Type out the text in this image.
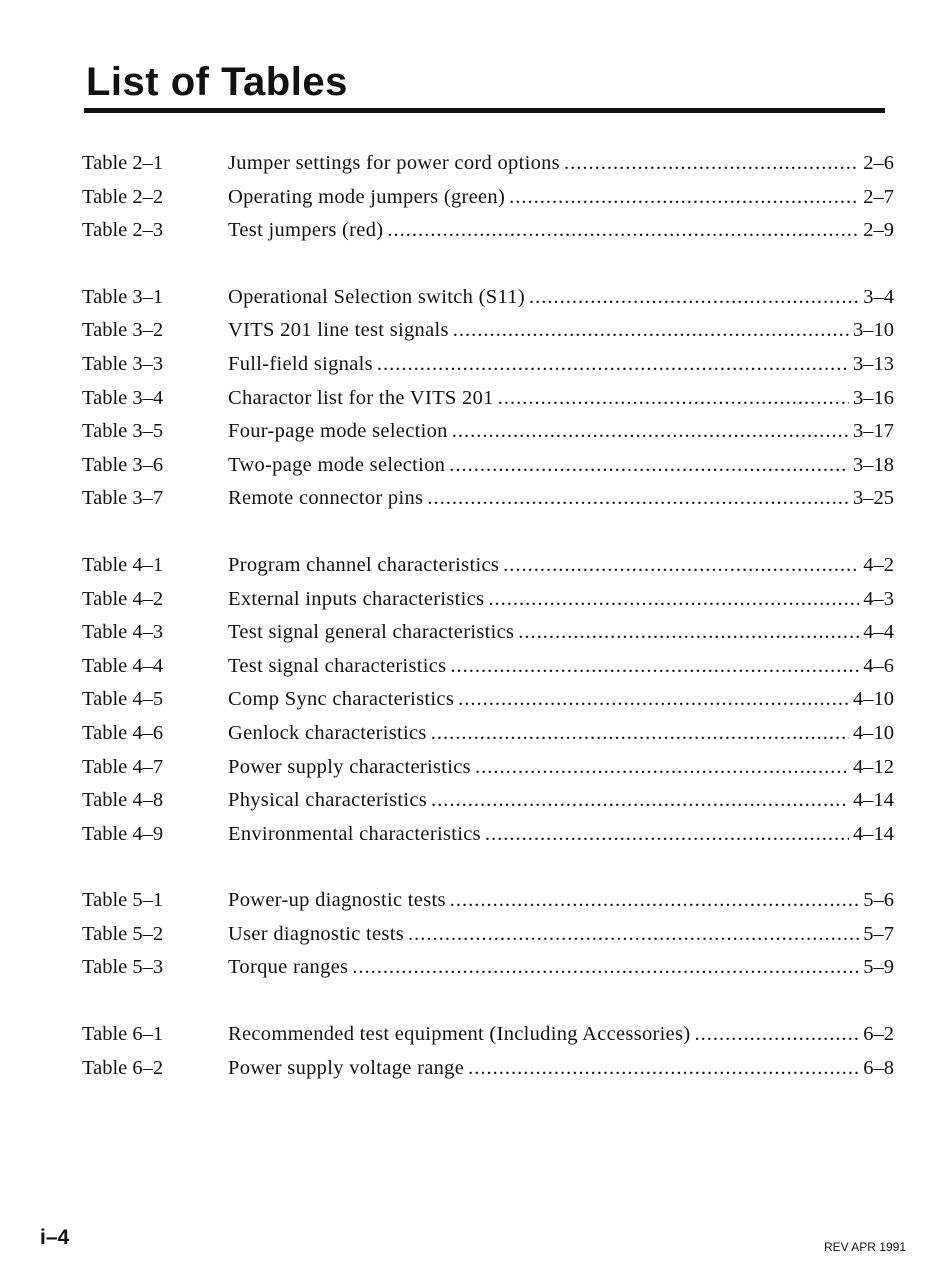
List of Tables
Table 2–1	Jumper settings for power cord options .....	2–6
Table 2–2	Operating mode jumpers (green) .....	2–7
Table 2–3	Test jumpers (red) .....	2–9
Table 3–1	Operational Selection switch (S11) .....	3–4
Table 3–2	VITS 201 line test signals .....	3–10
Table 3–3	Full-field signals .....	3–13
Table 3–4	Charactor list for the VITS 201 .....	3–16
Table 3–5	Four-page mode selection .....	3–17
Table 3–6	Two-page mode selection .....	3–18
Table 3–7	Remote connector pins .....	3–25
Table 4–1	Program channel characteristics .....	4–2
Table 4–2	External inputs characteristics .....	4–3
Table 4–3	Test signal general characteristics .....	4–4
Table 4–4	Test signal characteristics .....	4–6
Table 4–5	Comp Sync characteristics .....	4–10
Table 4–6	Genlock characteristics .....	4–10
Table 4–7	Power supply characteristics .....	4–12
Table 4–8	Physical characteristics .....	4–14
Table 4–9	Environmental characteristics .....	4–14
Table 5–1	Power-up diagnostic tests .....	5–6
Table 5–2	User diagnostic tests .....	5–7
Table 5–3	Torque ranges .....	5–9
Table 6–1	Recommended test equipment (Including Accessories) .....	6–2
Table 6–2	Power supply voltage range .....	6–8
i–4	REV APR 1991
